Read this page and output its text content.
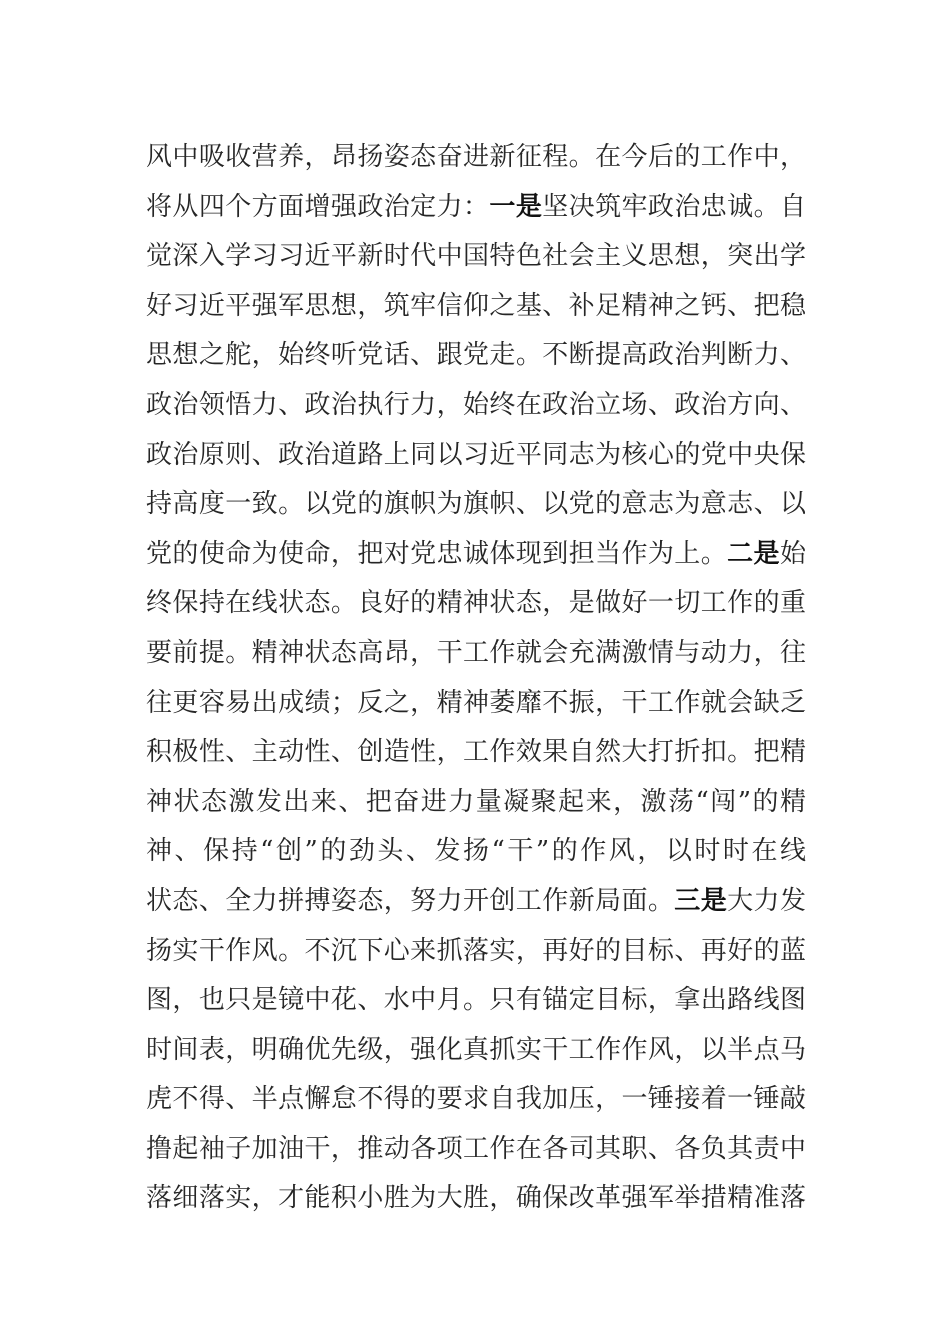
风中吸收营养，昂扬姿态奋进新征程。在今后的工作中，
将从四个方面增强政治定力：一是坚决筑牢政治忠诚。自
觉深入学习习近平新时代中国特色社会主义思想，突出学
好习近平强军思想，筑牢信仰之基、补足精神之钙、把稳
思想之舵，始终听党话、跟党走。不断提高政治判断力、
政治领悟力、政治执行力，始终在政治立场、政治方向、
政治原则、政治道路上同以习近平同志为核心的党中央保
持高度一致。以党的旗帜为旗帜、以党的意志为意志、以
党的使命为使命，把对党忠诚体现到担当作为上。二是始
终保持在线状态。良好的精神状态，是做好一切工作的重
要前提。精神状态高昂，干工作就会充满激情与动力，往
往更容易出成绩；反之，精神萎靡不振，干工作就会缺乏
积极性、主动性、创造性，工作效果自然大打折扣。把精
神状态激发出来、把奋进力量凝聚起来，激荡“闯”的精
神、保持“创”的劲头、发扬“干”的作风，以时时在线
状态、全力拼搏姿态，努力开创工作新局面。三是大力发
扬实干作风。不沉下心来抓落实，再好的目标、再好的蓝
图，也只是镜中花、水中月。只有锚定目标，拿出路线图
时间表，明确优先级，强化真抓实干工作作风，以半点马
虎不得、半点懈怠不得的要求自我加压，一锤接着一锤敲
撸起袖子加油干，推动各项工作在各司其职、各负其责中
落细落实，才能积小胜为大胜，确保改革强军举措精准落
